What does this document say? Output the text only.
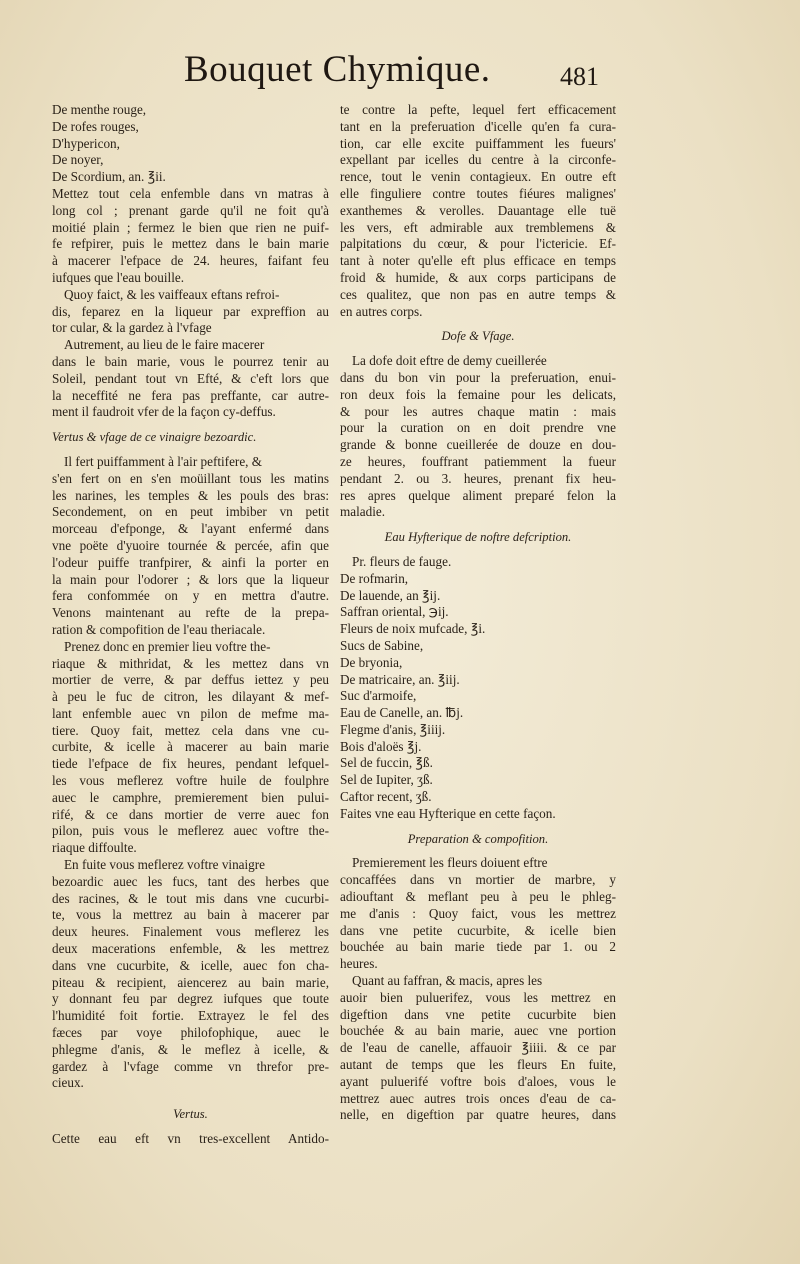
Bouquet Chymique.	481
De menthe rouge,
De rofes rouges,
D'hypericon,
De noyer,
De Scordium, an. ℥ii.
Mettez tout cela enfemble dans vn matras à
long col ; prenant garde qu'il ne foit qu'à
moitié plain ; fermez le bien que rien ne puif-
fe refpirer, puis le mettez dans le bain marie
à macerer l'efpace de 24. heures, faifant feu
iufques que l'eau bouille.
Quoy faict, & les vaiffeaux eftans refroi-
dis, feparez en la liqueur par expreffion au
tor cular, & la gardez à l'vfage
Autrement, au lieu de le faire macerer
dans le bain marie, vous le pourrez tenir au
Soleil, pendant tout vn Efté, & c'eft lors que
la neceffité ne fera pas preffante, car autre-
ment il faudroit vfer de la façon cy-deffus.
Vertus & vfage de ce vinaigre bezoardic.
Il fert puiffamment à l'air peftifere, &
s'en fert on en s'en moüillant tous les matins
les narines, les temples & les pouls des bras:
Secondement, on en peut imbiber vn petit
morceau d'efponge, & l'ayant enfermé dans
vne poëte d'yuoire tournée & percée, afin que
l'odeur puiffe tranfpirer, & ainfi la porter en
la main pour l'odorer ; & lors que la liqueur
fera confommée on y en mettra d'autre.
Venons maintenant au refte de la prepa-
ration & compofition de l'eau theriacale.
Prenez donc en premier lieu voftre the-
riaque & mithridat, & les mettez dans vn
mortier de verre, & par deffus iettez y peu
à peu le fuc de citron, les dilayant & mef-
lant enfemble auec vn pilon de mefme ma-
tiere. Quoy fait, mettez cela dans vne cu-
curbite, & icelle à macerer au bain marie
tiede l'efpace de fix heures, pendant lefquel-
les vous meflerez voftre huile de foulphre
auec le camphre, premierement bien pului-
rifé, & ce dans mortier de verre auec fon
pilon, puis vous le meflerez auec voftre the-
riaque diffoulte.
En fuite vous meflerez voftre vinaigre
bezoardic auec les fucs, tant des herbes que
des racines, & le tout mis dans vne cucurbi-
te, vous la mettrez au bain à macerer par
deux heures. Finalement vous meflerez les
deux macerations enfemble, & les mettrez
dans vne cucurbite, & icelle, auec fon cha-
piteau & recipient, aiencerez au bain marie,
y donnant feu par degrez iufques que toute
l'humidité foit fortie. Extrayez le fel des
fæces par voye philofophique, auec le
phlegme d'anis, & le meflez à icelle, &
gardez à l'vfage comme vn threfor pre-
cieux.
Vertus.
Cette eau eft vn tres-excellent Antido-
te contre la pefte, lequel fert efficacement
tant en la preferuation d'icelle qu'en fa cura-
tion, car elle excite puiffamment les fueurs'
expellant par icelles du centre à la circonfe-
rence, tout le venin contagieux. En outre eft
elle finguliere contre toutes fiéures malignes'
exanthemes & verolles. Dauantage elle tuë
les vers, eft admirable aux tremblemens &
palpitations du cœur, & pour l'ictericie. Ef-
tant à noter qu'elle eft plus efficace en temps
froid & humide, & aux corps participans de
ces qualitez, que non pas en autre temps &
en autres corps.
Dofe & Vfage.
La dofe doit eftre de demy cueillerée
dans du bon vin pour la preferuation, enui-
ron deux fois la femaine pour les delicats,
& pour les autres chaque matin : mais
pour la curation on en doit prendre vne
grande & bonne cueillerée de douze en dou-
ze heures, fouffrant patiemment la fueur
pendant 2. ou 3. heures, prenant fix heu-
res apres quelque aliment preparé felon la
maladie.
Eau Hyfterique de noftre defcription.
Pr. fleurs de fauge.
De rofmarin,
De lauende, an ℥ij.
Saffran oriental, ℈ij.
Fleurs de noix mufcade, ℥i.
Sucs de Sabine,
De bryonia,
De matricaire, an. ℥iij.
Suc d'armoife,
Eau de Canelle, an. ℔j.
Flegme d'anis, ℥iiij.
Bois d'aloës ℥j.
Sel de fuccin, ℥ß.
Sel de Iupiter, ʒß.
Caftor recent, ʒß.
Faites vne eau Hyfterique en cette façon.
Preparation & compofition.
Premierement les fleurs doiuent eftre
concaffées dans vn mortier de marbre, y
adiouftant & meflant peu à peu le phleg-
me d'anis : Quoy faict, vous les mettrez
dans vne petite cucurbite, & icelle bien
bouchée au bain marie tiede par 1. ou 2
heures.
Quant au faffran, & macis, apres les
auoir bien puluerifez, vous les mettrez en
digeftion dans vne petite cucurbite bien
bouchée & au bain marie, auec vne portion
de l'eau de canelle, affauoir ℥iiii. & ce par
autant de temps que les fleurs En fuite,
ayant puluerifé voftre bois d'aloes, vous le
mettrez auec autres trois onces d'eau de ca-
nelle, en digeftion par quatre heures, dans
